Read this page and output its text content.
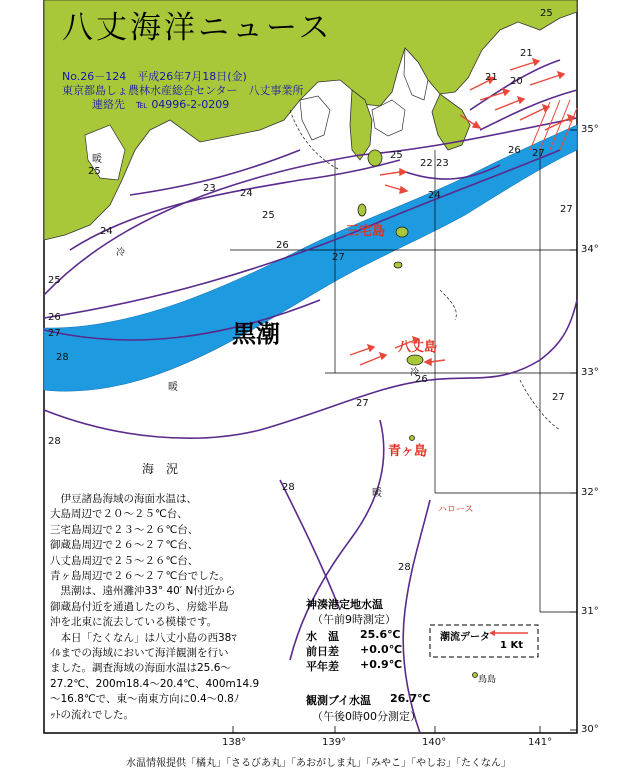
八丈海洋ニュース
No.26－124　平成26年7月18日(金)
東京都島しょ農林水産総合センター　八丈事業所
連絡先　℡ 04996-2-0209
黒潮
海　況
三宅島
八丈島
青ヶ島
鳥島
ハロース
暖
暖
暖
冷
冷
23 24
25
26
27
28
26
27
28
28
28
27
27
26
26 27
27
21
21
25
20
22 23
24
25
24
25
25
35°
34°
33°
32°
31°
30°
138°	139°	140°	141°
　伊豆諸島海域の海面水温は、
大島周辺で２０～２５℃台、
三宅島周辺で２３～２６℃台、
御蔵島周辺で２６～２７℃台、
八丈島周辺で２５～２６℃台、
青ヶ島周辺で２６～２７℃台でした。
　黒潮は、遠州灘沖33° 40′ N付近から
御蔵島付近を通過したのち、房総半島
沖を北東に流去している模様です。
　本日「たくなん」は八丈小島の西38ﾏ
ｲﾙまでの海域において海洋観測を行い
ました。調査海域の海面水温は25.6～
27.2℃、200m18.4～20.4℃、400m14.9
～16.8℃で、東～南東方向に0.4～0.8ﾉ
ｯﾄの流れでした。
神湊港定地水温
（午前9時測定）
水　温 25.6℃
前日差 +0.0℃
平年差 +0.9℃
潮流データ
1 Kt
観測ブイ水温 26.7℃
（午後0時00分測定）
水温情報提供「橘丸」「さるびあ丸」「あおがしま丸」「みやこ」「やしお」「たくなん」
